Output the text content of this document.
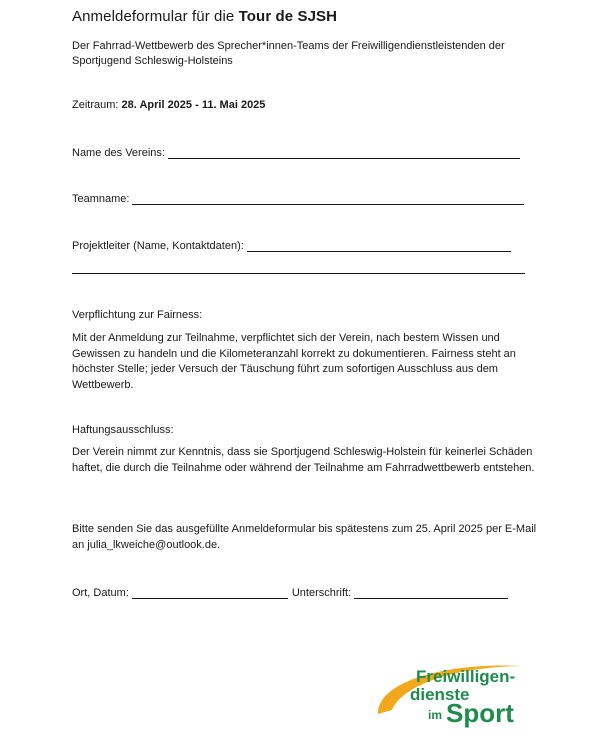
Anmeldeformular für die Tour de SJSH
Der Fahrrad-Wettbewerb des Sprecher*innen-Teams der Freiwilligendienstleistenden der Sportjugend Schleswig-Holsteins
Zeitraum: 28. April 2025 - 11. Mai 2025
Name des Vereins:
Teamname:
Projektleiter (Name, Kontaktdaten):
Verpflichtung zur Fairness:
Mit der Anmeldung zur Teilnahme, verpflichtet sich der Verein, nach bestem Wissen und Gewissen zu handeln und die Kilometeranzahl korrekt zu dokumentieren. Fairness steht an höchster Stelle; jeder Versuch der Täuschung führt zum sofortigen Ausschluss aus dem Wettbewerb.
Haftungsausschluss:
Der Verein nimmt zur Kenntnis, dass sie Sportjugend Schleswig-Holstein für keinerlei Schäden haftet, die durch die Teilnahme oder während der Teilnahme am Fahrradwettbewerb entstehen.
Bitte senden Sie das ausgefüllte Anmeldeformular bis spätestens zum 25. April 2025 per E-Mail an julia_lkweiche@outlook.de.
Ort, Datum:	Unterschrift:
Freiwilligen-
dienste
im Sport
